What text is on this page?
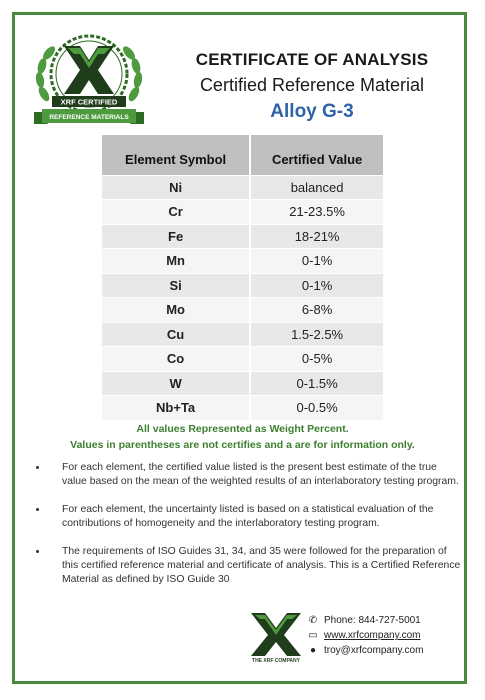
XRF CERTIFIED
REFERENCE MATERIALS
CERTIFICATE OF ANALYSIS
Certified Reference Material
Alloy G-3
Element Symbol	Certified Value
Ni	balanced
Cr	21-23.5%
Fe	18-21%
Mn	0-1%
Si	0-1%
Mo	6-8%
Cu	1.5-2.5%
Co	0-5%
W	0-1.5%
Nb+Ta	0-0.5%
All values Represented as Weight Percent.
Values in parentheses are not certifies and a are for information only.
• For each element, the certified value listed is the present best estimate of the true value based on the mean of the weighted results of an interlaboratory testing program.
• For each element, the uncertainty listed is based on a statistical evaluation of the contributions of homogeneity and the interlaboratory testing program.
• The requirements of ISO Guides 31, 34, and 35 were followed for the preparation of this certified reference material and certificate of analysis. This is a Certified Reference Material as defined by ISO Guide 30
THE XRF COMPANY
✆ Phone: 844-727-5001
▭ www.xrfcompany.com
● troy@xrfcompany.com
